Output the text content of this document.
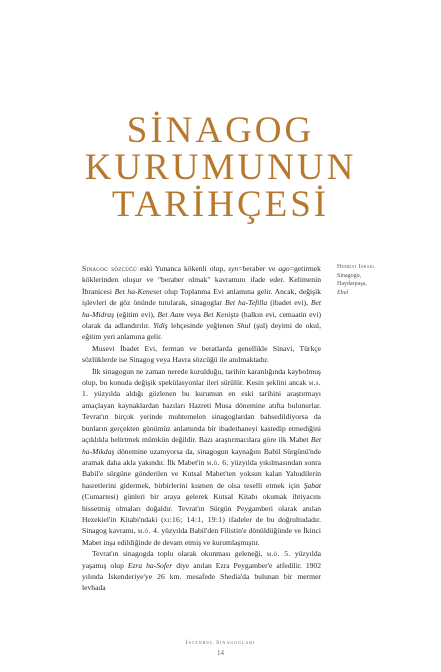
SİNAGOG
KURUMUNUN
TARİHÇESİ

Sinagog sözcüğü eski Yunanca kökenli olup, syn=beraber ve ago=getirmek köklerinden oluşur ve "beraber olmak" kavramını ifade eder. Kelimenin İbranicesi Bet ha-Keneset olup Toplanma Evi anlamına gelir. Ancak, değişik işlevleri de göz önünde tutularak, sinagoglar Bet ha-Tefilla (ibadet evi), Bet ha-Midraş (eğitim evi), Bet Aam veya Bet Keniştə (halkın evi, cemaatin evi) olarak da adlandırılır. Yidiş lehçesinde yeğlenen Shul (şul) deyimi de okul, eğitim yeri anlamına gelir.

Musevi İbadet Evi, ferman ve beratlarda genellikle Sinavi, Türkçe sözlüklerde ise Sinagog veya Havra sözcüğü ile anılmaktadır.

İlk sinagogun ne zaman nerede kurulduğu, tarihin karanlığında kaybolmuş olup, bu konuda değişik spekülasyonlar ileri sürülür. Kesin şeklini ancak m.s. 1. yüzyılda aldığı gözlenen bu kurumun en eski tarihini araştırmayı amaçlayan kaynaklardan bazıları Hazreti Musa dönemine atıfta bulunurlar. Tevrat'ın birçok yerinde muhtemelen sinagoglardan bahsedildiyorsa da bunların gerçekten günümüz anlamında bir ibadethaneyi kastedip etmediğini açıklıkla belirtmek mümkün değildir. Bazı araştırmacılara göre ilk Mabet Bet ha-Mikdaş dönemine uzanıyorsa da, sinagogun kaynağını Babil Sürgünü'nde aramak daha akla yakındır. İlk Mabet'in m.ö. 6. yüzyılda yıkılmasından sonra Babil'e sürgüne gönderilen ve Kutsal Mabet'ten yoksun kalan Yahudilerin hasretlerini gidermek, birbirlerini kısmen de olsa teselli etmek için Şabat (Cumartesi) günleri bir araya gelerek Kutsal Kitabı okumak ihtiyacını hissetmiş olmaları doğaldır. Tevrat'ın Sürgün Peygamberi olarak anılan Hezekiel'in Kitabı'ndaki (xı:16; 14:1, 19:1) ifadeler de bu doğrultudadır. Sinagog kavramı, m.ö. 4. yüzyılda Babil'den Filistin'e dönüldüğünde ve İkinci Mabet inşa edildiğinde de devam etmiş ve kurumlaşmıştır.

Tevrat'ın sinagogda toplu olarak okunması geleneği, m.ö. 5. yüzyılda yaşamış olup Ezra ha-Sofer diye anılan Ezra Peygamber'e atfedilir. 1902 yılında İskenderiye'ye 26 km. mesafede Shedia'da bulunan bir mermer levhada

Hemdat Israel
Sinagogu,
Haydarpaşa,
Ebul
İstanbul Sinagogları
14
